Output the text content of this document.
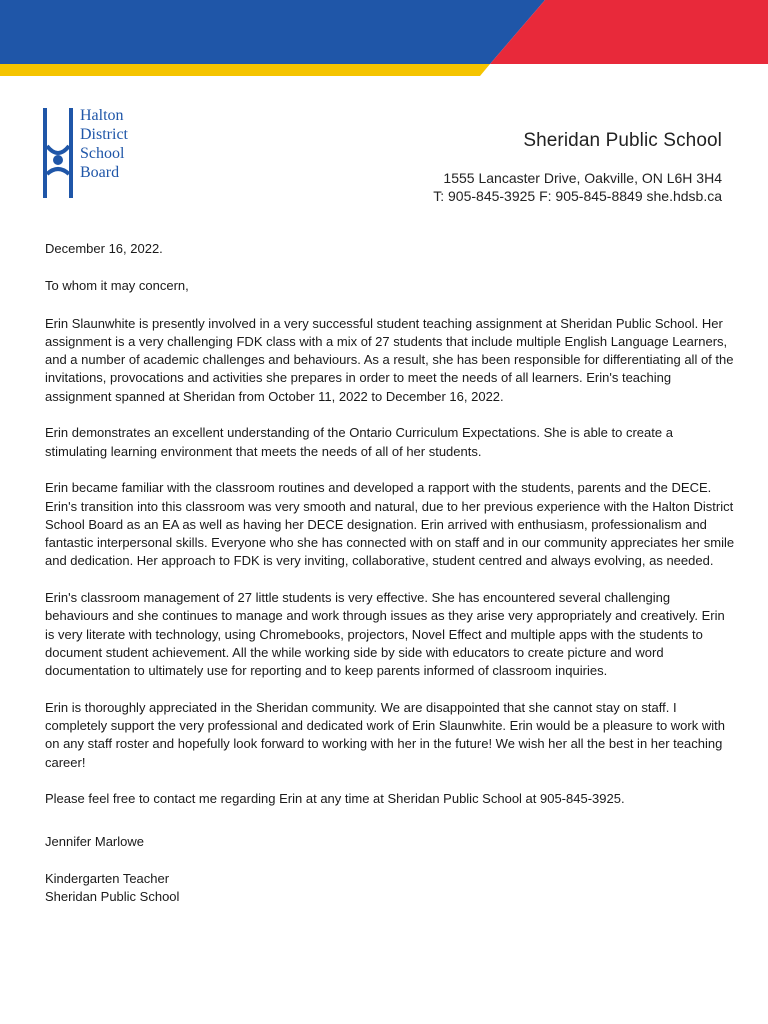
Halton
District
School
Board
Sheridan Public School
1555 Lancaster Drive, Oakville, ON L6H 3H4
T: 905-845-3925 F: 905-845-8849 she.hdsb.ca

December 16, 2022.

To whom it may concern,

Erin Slaunwhite is presently involved in a very successful student teaching assignment at Sheridan Public School. Her assignment is a very challenging FDK class with a mix of 27 students that include multiple English Language Learners, and a number of academic challenges and behaviours. As a result, she has been responsible for differentiating all of the invitations, provocations and activities she prepares in order to meet the needs of all learners. Erin's teaching assignment spanned at Sheridan from October 11, 2022 to December 16, 2022.

Erin demonstrates an excellent understanding of the Ontario Curriculum Expectations. She is able to create a stimulating learning environment that meets the needs of all of her students.

Erin became familiar with the classroom routines and developed a rapport with the students, parents and the DECE. Erin's transition into this classroom was very smooth and natural, due to her previous experience with the Halton District School Board as an EA as well as having her DECE designation. Erin arrived with enthusiasm, professionalism and fantastic interpersonal skills. Everyone who she has connected with on staff and in our community appreciates her smile and dedication. Her approach to FDK is very inviting, collaborative, student centred and always evolving, as needed.

Erin's classroom management of 27 little students is very effective. She has encountered several challenging behaviours and she continues to manage and work through issues as they arise very appropriately and creatively. Erin is very literate with technology, using Chromebooks, projectors, Novel Effect and multiple apps with the students to document student achievement. All the while working side by side with educators to create picture and word documentation to ultimately use for reporting and to keep parents informed of classroom inquiries.

Erin is thoroughly appreciated in the Sheridan community. We are disappointed that she cannot stay on staff. I completely support the very professional and dedicated work of Erin Slaunwhite. Erin would be a pleasure to work with on any staff roster and hopefully look forward to working with her in the future! We wish her all the best in her teaching career!

Please feel free to contact me regarding Erin at any time at Sheridan Public School at 905-845-3925.

Jennifer Marlowe

Kindergarten Teacher

Sheridan Public School
